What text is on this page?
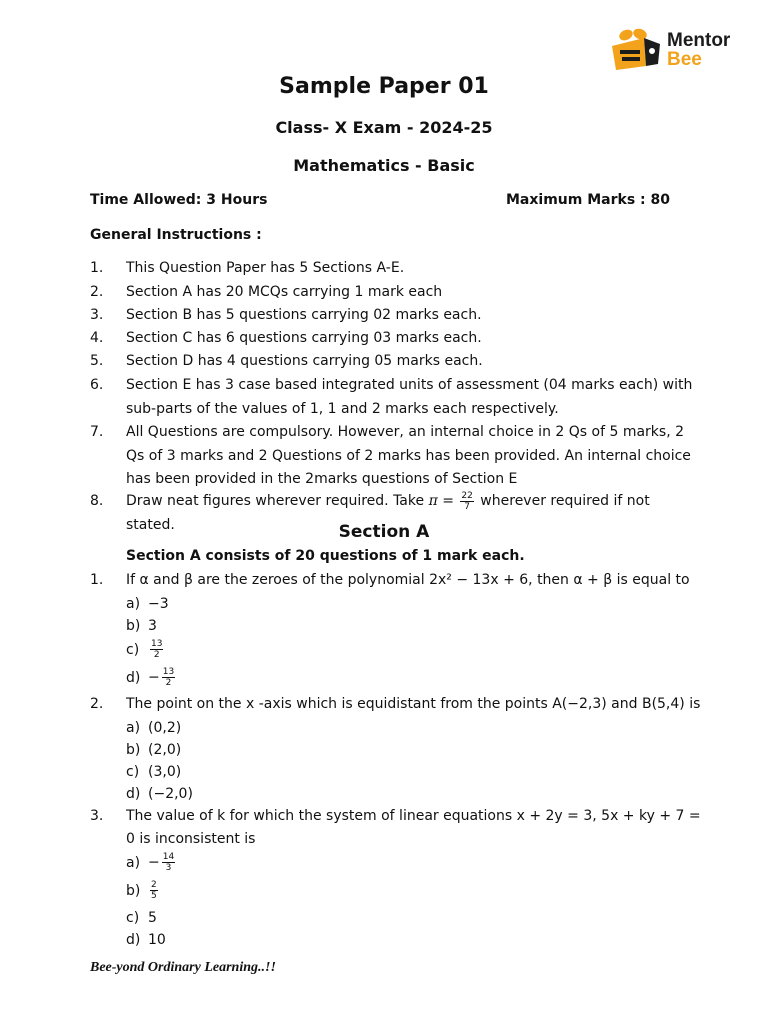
Mentor
Bee
Sample Paper 01
Class- X Exam - 2024-25
Mathematics - Basic
Time Allowed: 3 Hours	Maximum Marks : 80
General Instructions :
1. This Question Paper has 5 Sections A-E.
2. Section A has 20 MCQs carrying 1 mark each
3. Section B has 5 questions carrying 02 marks each.
4. Section C has 6 questions carrying 03 marks each.
5. Section D has 4 questions carrying 05 marks each.
6. Section E has 3 case based integrated units of assessment (04 marks each) with sub-parts of the values of 1, 1 and 2 marks each respectively.
7. All Questions are compulsory. However, an internal choice in 2 Qs of 5 marks, 2 Qs of 3 marks and 2 Questions of 2 marks has been provided. An internal choice has been provided in the 2marks questions of Section E
8. Draw neat figures wherever required. Take $\pi = \frac{22}{7}$ wherever required if not stated.	Section A
Section A consists of 20 questions of 1 mark each.
1. If α and β are the zeroes of the polynomial 2x² − 13x + 6, then α + β is equal to
a) −3
b) 3
$c) \frac{13}{2}$
$d) - \frac{13}{2}$
2. The point on the x -axis which is equidistant from the points A(−2,3) and B(5,4) is
a) (0,2)
b) (2,0)
c) (3,0)
d) (−2,0)
3. The value of k for which the system of linear equations x + 2y = 3, 5x + ky + 7 = 0 is inconsistent is
$a) - \frac{14}{3}$
$b) \frac{2}{5}$
c) 5
d) 10
Bee-yond Ordinary Learning..!!
